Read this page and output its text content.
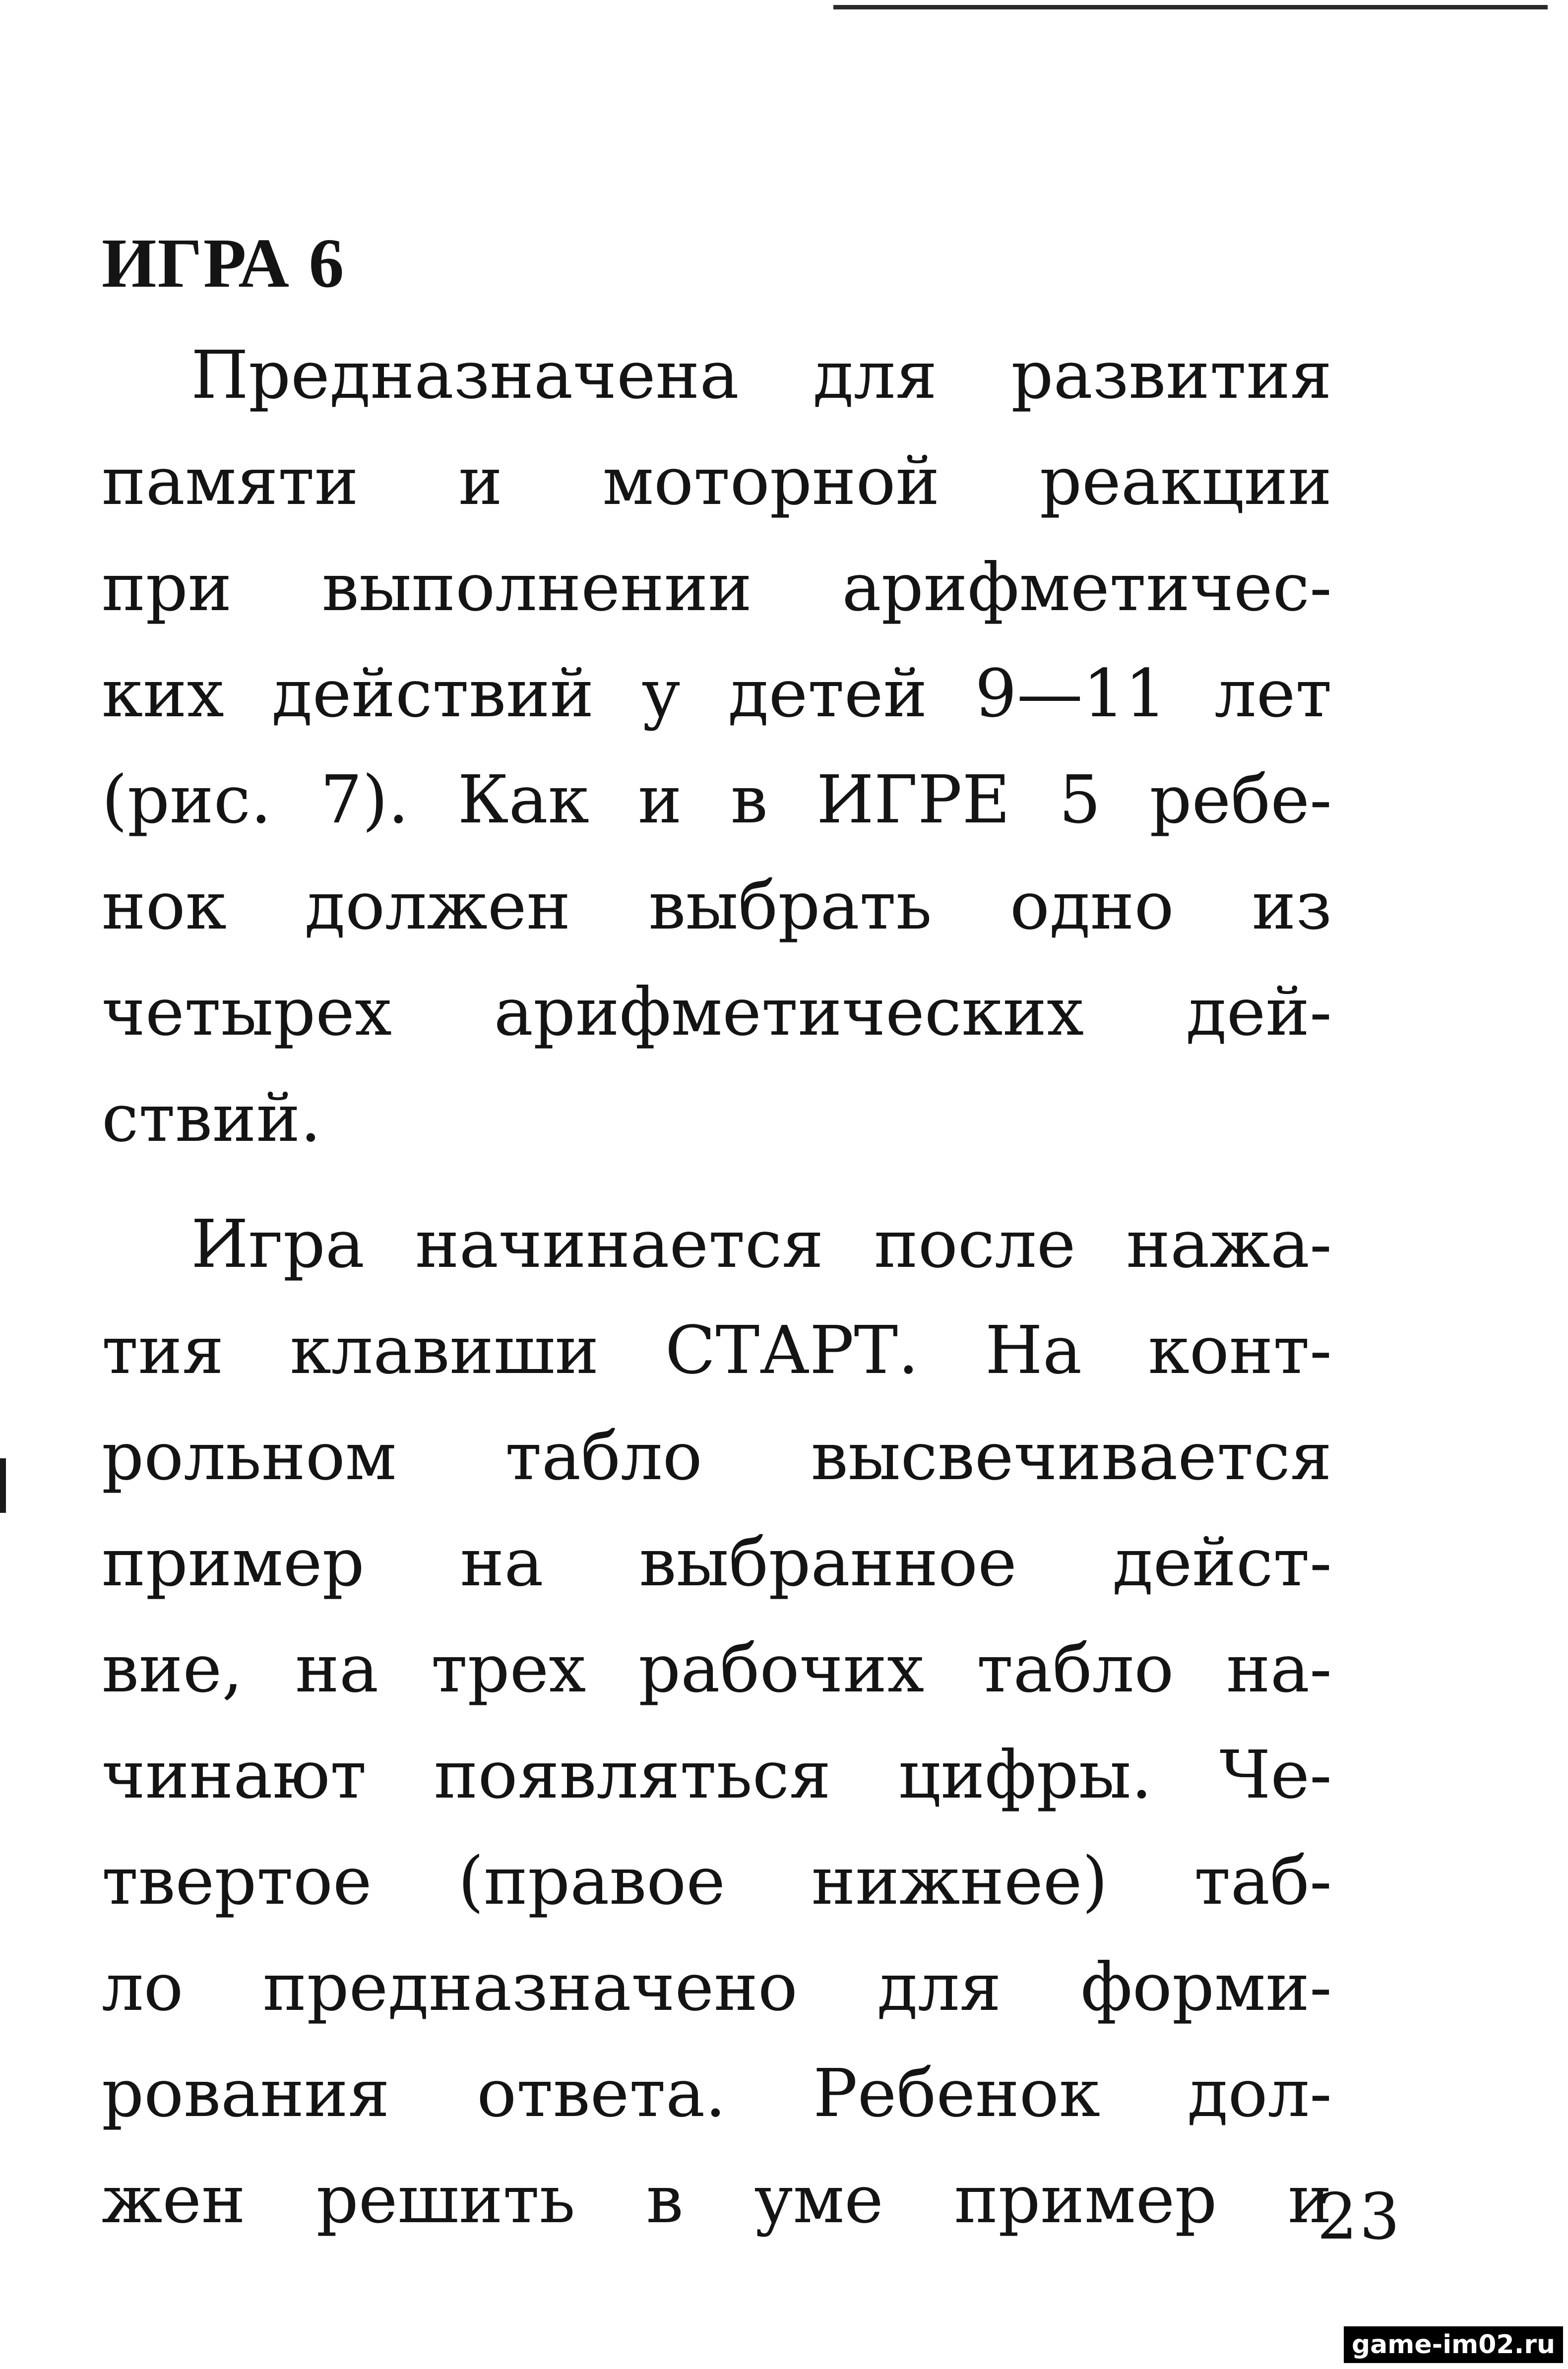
ИГРА 6
Предназначена для развития
памяти и моторной реакции
при выполнении арифметичес-
ких действий у детей 9—11 лет
(рис. 7). Как и в ИГРЕ 5 ребе-
нок должен выбрать одно из
четырех арифметических дей-
ствий.
Игра начинается после нажа-
тия клавиши СТАРТ. На конт-
рольном табло высвечивается
пример на выбранное дейст-
вие, на трех рабочих табло на-
чинают появляться цифры. Че-
твертое (правое нижнее) таб-
ло предназначено для форми-
рования ответа. Ребенок дол-
жен решить в уме пример и
23
game-im02.ru
